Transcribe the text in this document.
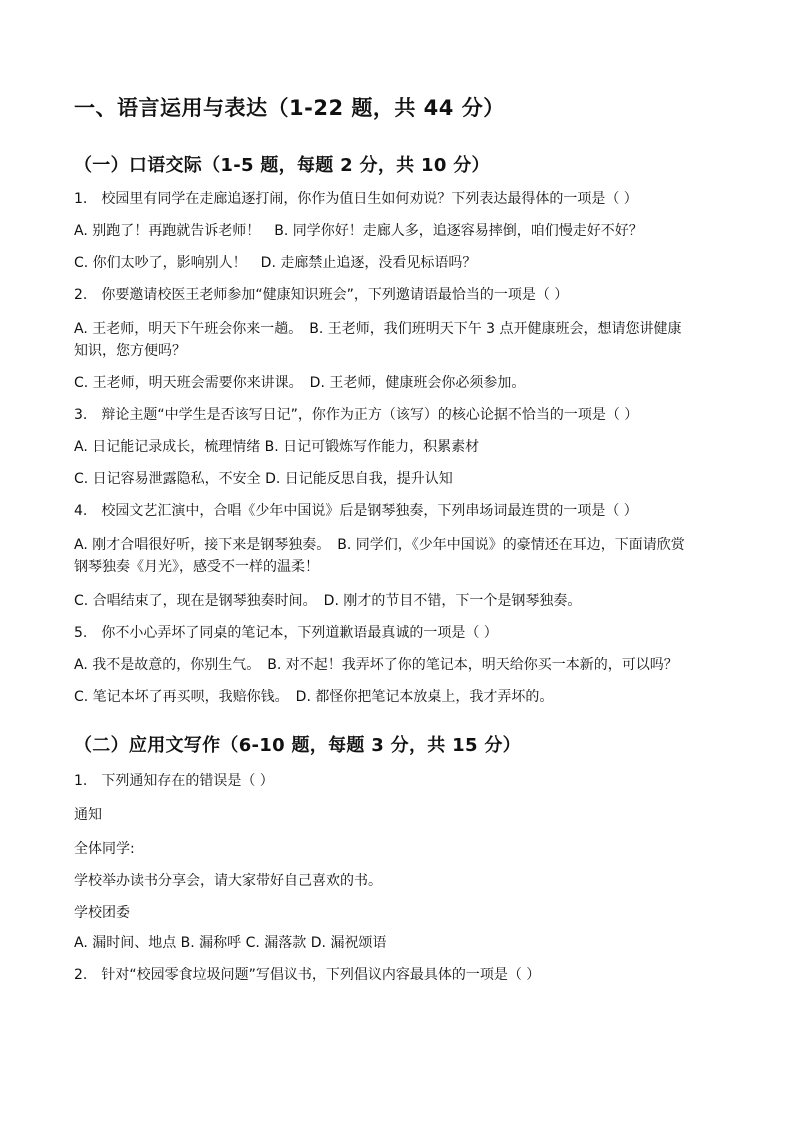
一、语言运用与表达（1-22 题，共 44 分）
（一）口语交际（1-5 题，每题 2 分，共 10 分）
1.　校园里有同学在走廊追逐打闹，你作为值日生如何劝说？下列表达最得体的一项是（ ）
A. 别跑了！再跑就告诉老师！　B. 同学你好！走廊人多，追逐容易摔倒，咱们慢走好不好？
C. 你们太吵了，影响别人！　D. 走廊禁止追逐，没看见标语吗？
2.　你要邀请校医王老师参加“健康知识班会”，下列邀请语最恰当的一项是（ ）
A. 王老师，明天下午班会你来一趟。　B. 王老师，我们班明天下午 3 点开健康班会，想请您讲健康
知识，您方便吗？
C. 王老师，明天班会需要你来讲课。　D. 王老师，健康班会你必须参加。
3.　辩论主题“中学生是否该写日记”，你作为正方（该写）的核心论据不恰当的一项是（ ）
A. 日记能记录成长，梳理情绪 B. 日记可锻炼写作能力，积累素材
C. 日记容易泄露隐私，不安全 D. 日记能反思自我，提升认知
4.　校园文艺汇演中，合唱《少年中国说》后是钢琴独奏，下列串场词最连贯的一项是（ ）
A. 刚才合唱很好听，接下来是钢琴独奏。　B. 同学们，《少年中国说》的豪情还在耳边，下面请欣赏
钢琴独奏《月光》，感受不一样的温柔！
C. 合唱结束了，现在是钢琴独奏时间。　D. 刚才的节目不错，下一个是钢琴独奏。
5.　你不小心弄坏了同桌的笔记本，下列道歉语最真诚的一项是（ ）
A. 我不是故意的，你别生气。　B. 对不起！我弄坏了你的笔记本，明天给你买一本新的，可以吗？
C. 笔记本坏了再买呗，我赔你钱。　D. 都怪你把笔记本放桌上，我才弄坏的。
（二）应用文写作（6-10 题，每题 3 分，共 15 分）
1.　下列通知存在的错误是（ ）
通知
全体同学:
学校举办读书分享会，请大家带好自己喜欢的书。
学校团委
A. 漏时间、地点 B. 漏称呼 C. 漏落款 D. 漏祝颂语
2.　针对“校园零食垃圾问题”写倡议书，下列倡议内容最具体的一项是（ ）
